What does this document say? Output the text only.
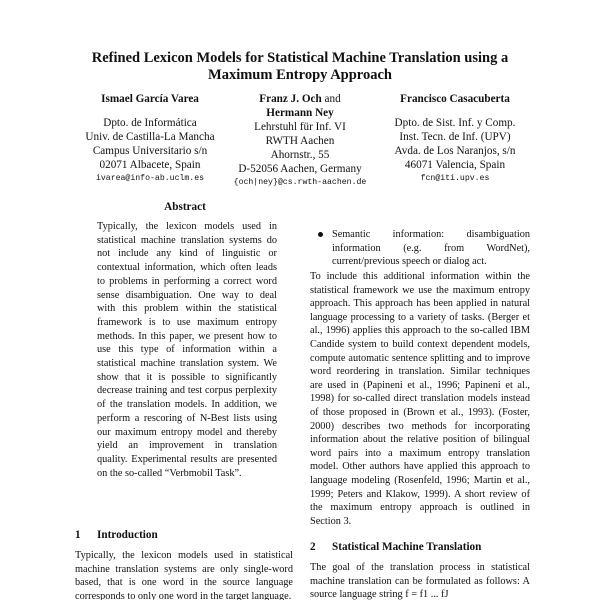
Refined Lexicon Models for Statistical Machine Translation using a Maximum Entropy Approach
Ismael García Varea
Dpto. de Informática
Univ. de Castilla-La Mancha
Campus Universitario s/n
02071 Albacete, Spain
ivarea@info-ab.uclm.es
Franz J. Och and
Hermann Ney
Lehrstuhl für Inf. VI
RWTH Aachen
Ahornstr., 55
D-52056 Aachen, Germany
{och|ney}@cs.rwth-aachen.de
Francisco Casacuberta
Dpto. de Sist. Inf. y Comp.
Inst. Tecn. de Inf. (UPV)
Avda. de Los Naranjos, s/n
46071 Valencia, Spain
fcn@iti.upv.es
Abstract

Typically, the lexicon models used in statistical machine translation systems do not include any kind of linguistic or contextual information, which often leads to problems in performing a correct word sense disambiguation. One way to deal with this problem within the statistical framework is to use maximum entropy methods. In this paper, we present how to use this type of information within a statistical machine translation system. We show that it is possible to significantly decrease training and test corpus perplexity of the translation models. In addition, we perform a rescoring of N-Best lists using our maximum entropy model and thereby yield an improvement in translation quality. Experimental results are presented on the so-called “Verbmobil Task”.

1 Introduction

Typically, the lexicon models used in statistical machine translation systems are only single-word based, that is one word in the source language corresponds to only one word in the target language.

Semantic information: disambiguation information (e.g. from WordNet), current/previous speech or dialog act.

To include this additional information within the statistical framework we use the maximum entropy approach. This approach has been applied in natural language processing to a variety of tasks. (Berger et al., 1996) applies this approach to the so-called IBM Candide system to build context dependent models, compute automatic sentence splitting and to improve word reordering in translation. Similar techniques are used in (Papineni et al., 1996; Papineni et al., 1998) for so-called direct translation models instead of those proposed in (Brown et al., 1993). (Foster, 2000) describes two methods for incorporating information about the relative position of bilingual word pairs into a maximum entropy translation model. Other authors have applied this approach to language modeling (Rosenfeld, 1996; Martin et al., 1999; Peters and Klakow, 1999). A short review of the maximum entropy approach is outlined in Section 3.

2 Statistical Machine Translation

The goal of the translation process in statistical machine translation can be formulated as follows: A source language string f = f1 ... fJ
